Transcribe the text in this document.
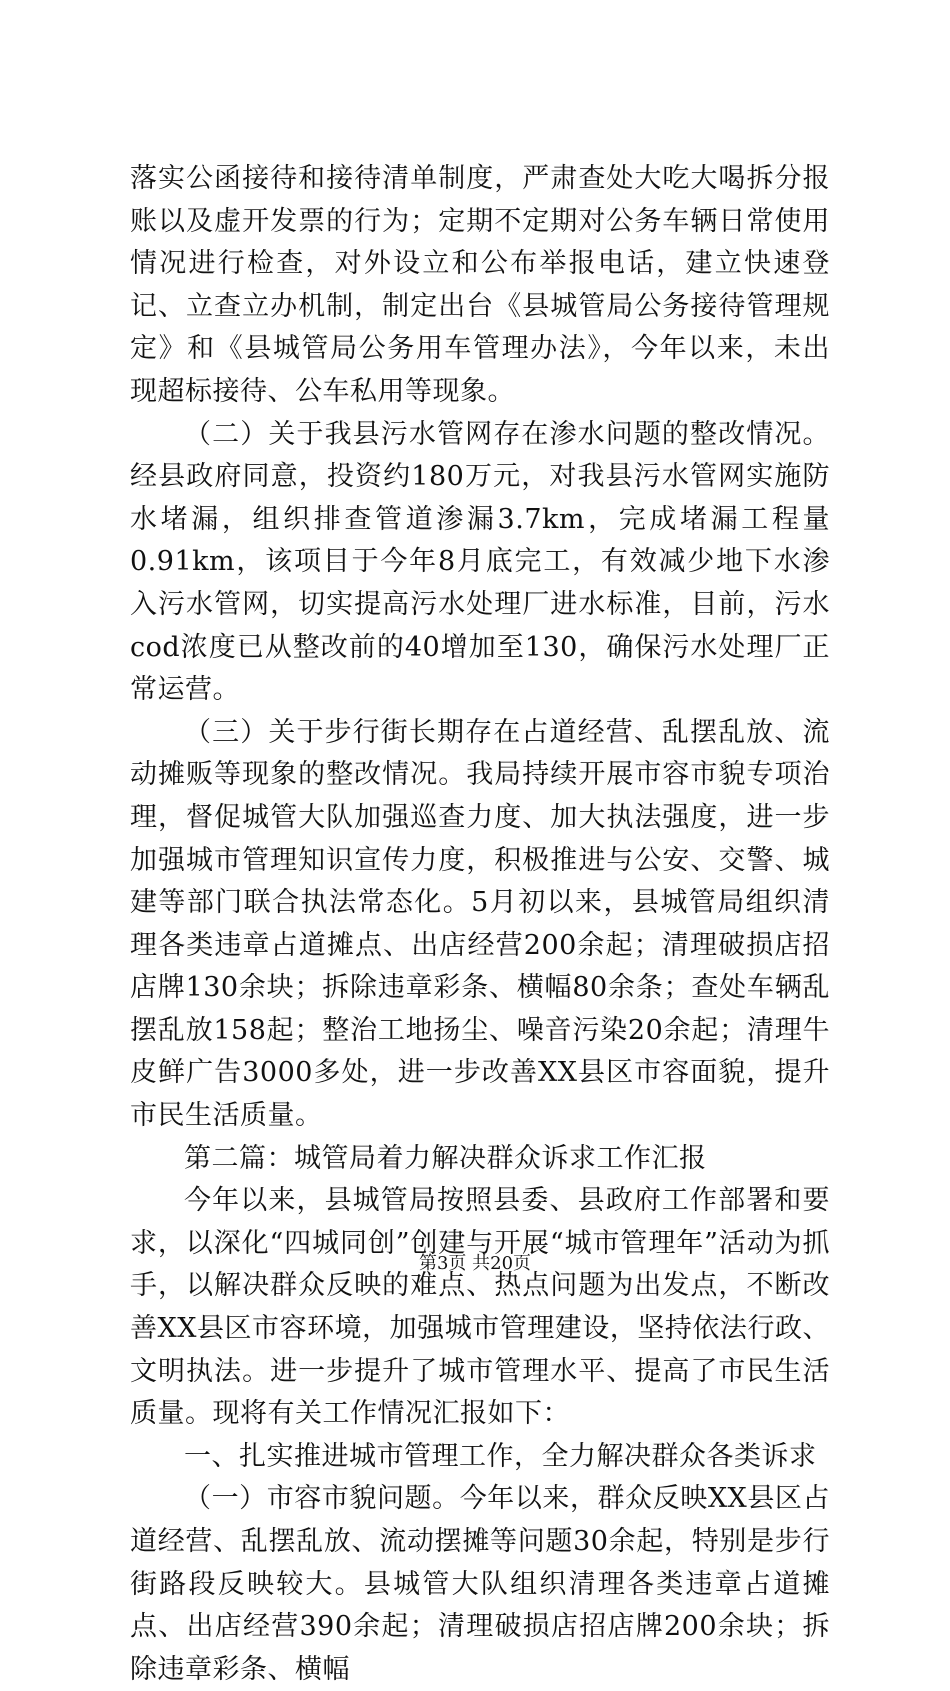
落实公函接待和接待清单制度，严肃查处大吃大喝拆分报账以及虚开发票的行为；定期不定期对公务车辆日常使用情况进行检查，对外设立和公布举报电话，建立快速登记、立查立办机制，制定出台《县城管局公务接待管理规定》和《县城管局公务用车管理办法》，今年以来，未出现超标接待、公车私用等现象。

（二）关于我县污水管网存在渗水问题的整改情况。经县政府同意，投资约180万元，对我县污水管网实施防水堵漏，组织排查管道渗漏3.7km，完成堵漏工程量0.91km，该项目于今年8月底完工，有效减少地下水渗入污水管网，切实提高污水处理厂进水标准，目前，污水cod浓度已从整改前的40增加至130，确保污水处理厂正常运营。

（三）关于步行街长期存在占道经营、乱摆乱放、流动摊贩等现象的整改情况。我局持续开展市容市貌专项治理，督促城管大队加强巡查力度、加大执法强度，进一步加强城市管理知识宣传力度，积极推进与公安、交警、城建等部门联合执法常态化。5月初以来，县城管局组织清理各类违章占道摊点、出店经营200余起；清理破损店招店牌130余块；拆除违章彩条、横幅80余条；查处车辆乱摆乱放158起；整治工地扬尘、噪音污染20余起；清理牛皮鲜广告3000多处，进一步改善XX县区市容面貌，提升市民生活质量。

第二篇：城管局着力解决群众诉求工作汇报

今年以来，县城管局按照县委、县政府工作部署和要求，以深化“四城同创”创建与开展“城市管理年”活动为抓手，以解决群众反映的难点、热点问题为出发点，不断改善XX县区市容环境，加强城市管理建设，坚持依法行政、文明执法。进一步提升了城市管理水平、提高了市民生活质量。现将有关工作情况汇报如下：

一、扎实推进城市管理工作，全力解决群众各类诉求

（一）市容市貌问题。今年以来，群众反映XX县区占道经营、乱摆乱放、流动摆摊等问题30余起，特别是步行街路段反映较大。县城管大队组织清理各类违章占道摊点、出店经营390余起；清理破损店招店牌200余块；拆除违章彩条、横幅

第3页 共20页
